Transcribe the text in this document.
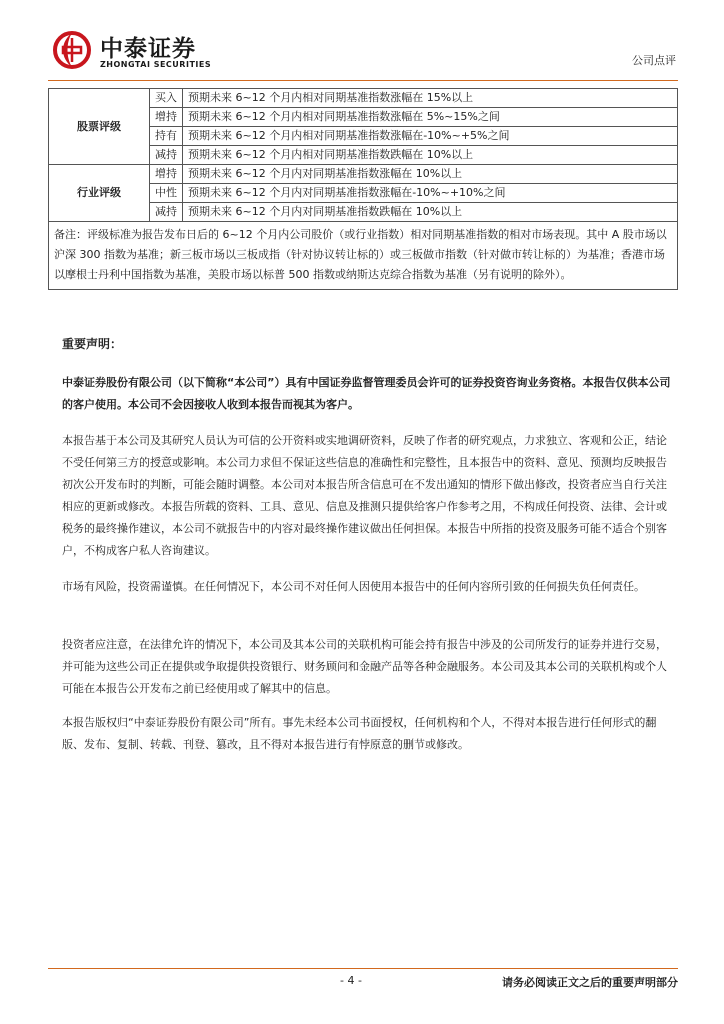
中泰证券
ZHONGTAI SECURITIES	公司点评
股票评级	买入	预期未来 6~12 个月内相对同期基准指数涨幅在 15%以上
	增持	预期未来 6~12 个月内相对同期基准指数涨幅在 5%~15%之间
	持有	预期未来 6~12 个月内相对同期基准指数涨幅在-10%~+5%之间
	减持	预期未来 6~12 个月内相对同期基准指数跌幅在 10%以上
行业评级	增持	预期未来 6~12 个月内对同期基准指数涨幅在 10%以上
	中性	预期未来 6~12 个月内对同期基准指数涨幅在-10%~+10%之间
	减持	预期未来 6~12 个月内对同期基准指数跌幅在 10%以上
备注：评级标准为报告发布日后的 6~12 个月内公司股价（或行业指数）相对同期基准指数的相对市场表现。其中 A 股市场以沪深 300 指数为基准；新三板市场以三板成指（针对协议转让标的）或三板做市指数（针对做市转让标的）为基准；香港市场以摩根士丹利中国指数为基准，美股市场以标普 500 指数或纳斯达克综合指数为基准（另有说明的除外）。		
重要声明：
中泰证券股份有限公司（以下简称“本公司”）具有中国证券监督管理委员会许可的证券投资咨询业务资格。本报告仅供本公司的客户使用。本公司不会因接收人收到本报告而视其为客户。
本报告基于本公司及其研究人员认为可信的公开资料或实地调研资料，反映了作者的研究观点，力求独立、客观和公正，结论不受任何第三方的授意或影响。本公司力求但不保证这些信息的准确性和完整性，且本报告中的资料、意见、预测均反映报告初次公开发布时的判断，可能会随时调整。本公司对本报告所含信息可在不发出通知的情形下做出修改，投资者应当自行关注相应的更新或修改。本报告所载的资料、工具、意见、信息及推测只提供给客户作参考之用，不构成任何投资、法律、会计或税务的最终操作建议，本公司不就报告中的内容对最终操作建议做出任何担保。本报告中所指的投资及服务可能不适合个别客户，不构成客户私人咨询建议。
市场有风险，投资需谨慎。在任何情况下，本公司不对任何人因使用本报告中的任何内容所引致的任何损失负任何责任。
投资者应注意，在法律允许的情况下，本公司及其本公司的关联机构可能会持有报告中涉及的公司所发行的证券并进行交易，并可能为这些公司正在提供或争取提供投资银行、财务顾问和金融产品等各种金融服务。本公司及其本公司的关联机构或个人可能在本报告公开发布之前已经使用或了解其中的信息。
本报告版权归“中泰证券股份有限公司”所有。事先未经本公司书面授权，任何机构和个人，不得对本报告进行任何形式的翻版、发布、复制、转载、刊登、篡改，且不得对本报告进行有悖原意的删节或修改。
- 4 -	请务必阅读正文之后的重要声明部分
